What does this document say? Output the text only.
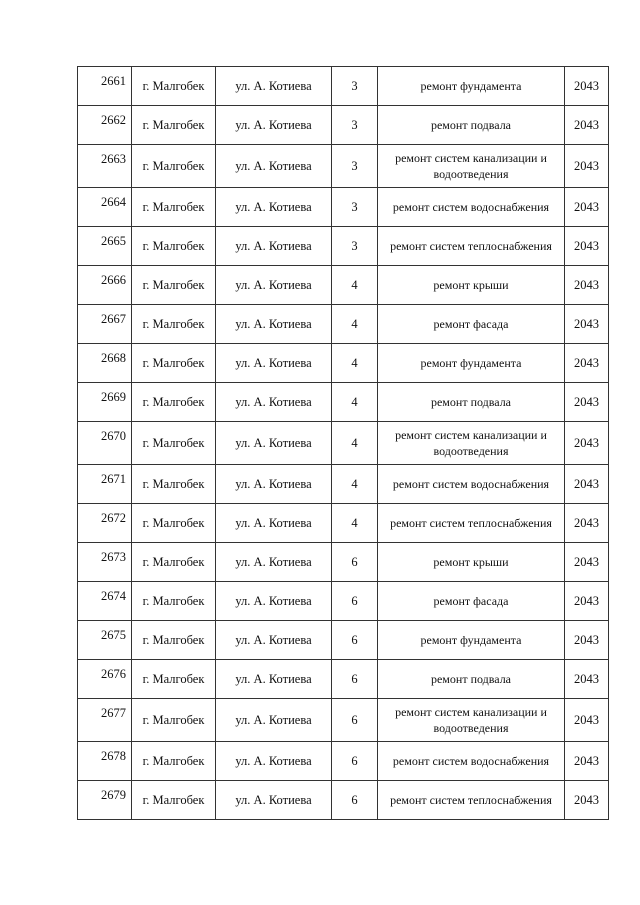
2661	г. Малгобек	ул. А. Котиева	3	ремонт фундамента	2043
2662	г. Малгобек	ул. А. Котиева	3	ремонт подвала	2043
2663	г. Малгобек	ул. А. Котиева	3	ремонт систем канализации и водоотведения	2043
2664	г. Малгобек	ул. А. Котиева	3	ремонт систем водоснабжения	2043
2665	г. Малгобек	ул. А. Котиева	3	ремонт систем теплоснабжения	2043
2666	г. Малгобек	ул. А. Котиева	4	ремонт крыши	2043
2667	г. Малгобек	ул. А. Котиева	4	ремонт фасада	2043
2668	г. Малгобек	ул. А. Котиева	4	ремонт фундамента	2043
2669	г. Малгобек	ул. А. Котиева	4	ремонт подвала	2043
2670	г. Малгобек	ул. А. Котиева	4	ремонт систем канализации и водоотведения	2043
2671	г. Малгобек	ул. А. Котиева	4	ремонт систем водоснабжения	2043
2672	г. Малгобек	ул. А. Котиева	4	ремонт систем теплоснабжения	2043
2673	г. Малгобек	ул. А. Котиева	6	ремонт крыши	2043
2674	г. Малгобек	ул. А. Котиева	6	ремонт фасада	2043
2675	г. Малгобек	ул. А. Котиева	6	ремонт фундамента	2043
2676	г. Малгобек	ул. А. Котиева	6	ремонт подвала	2043
2677	г. Малгобек	ул. А. Котиева	6	ремонт систем канализации и водоотведения	2043
2678	г. Малгобек	ул. А. Котиева	6	ремонт систем водоснабжения	2043
2679	г. Малгобек	ул. А. Котиева	6	ремонт систем теплоснабжения	2043
